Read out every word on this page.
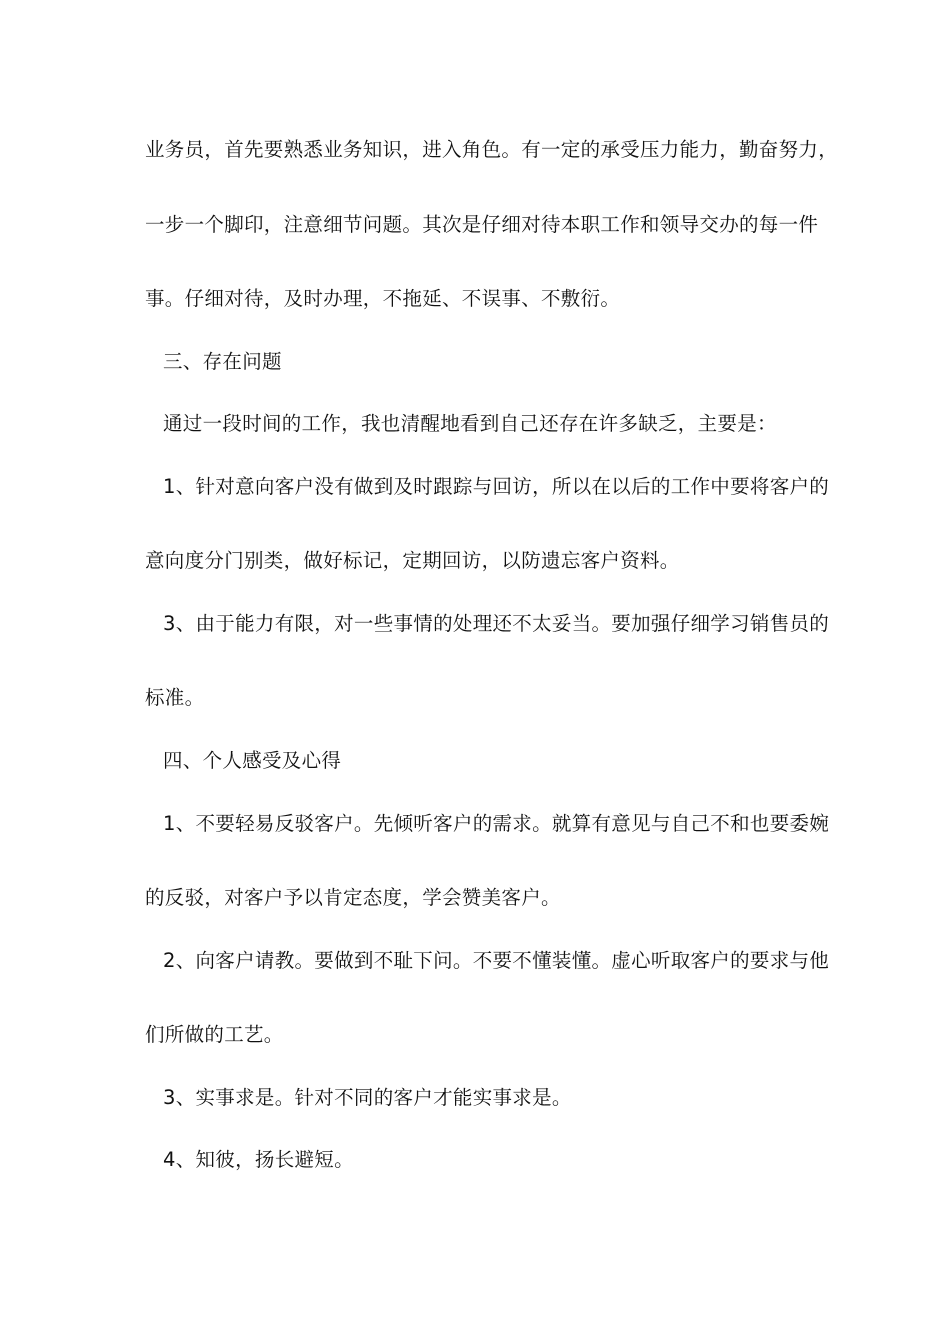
业务员，首先要熟悉业务知识，进入角色。有一定的承受压力能力，勤奋努力，
一步一个脚印，注意细节问题。其次是仔细对待本职工作和领导交办的每一件
事。仔细对待，及时办理，不拖延、不误事、不敷衍。
三、存在问题
通过一段时间的工作，我也清醒地看到自己还存在许多缺乏，主要是：
1、针对意向客户没有做到及时跟踪与回访，所以在以后的工作中要将客户的
意向度分门别类，做好标记，定期回访，以防遗忘客户资料。
3、由于能力有限，对一些事情的处理还不太妥当。要加强仔细学习销售员的
标准。
四、个人感受及心得
1、不要轻易反驳客户。先倾听客户的需求。就算有意见与自己不和也要委婉
的反驳，对客户予以肯定态度，学会赞美客户。
2、向客户请教。要做到不耻下问。不要不懂装懂。虚心听取客户的要求与他
们所做的工艺。
3、实事求是。针对不同的客户才能实事求是。
4、知彼，扬长避短。
